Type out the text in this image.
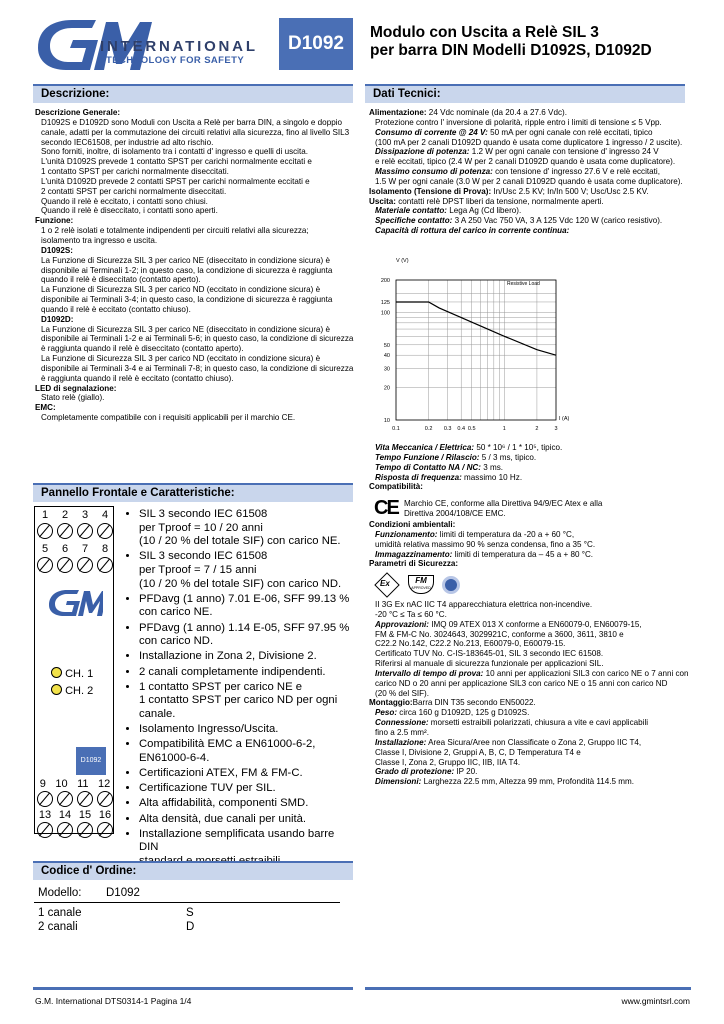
INTERNATIONAL
TECHNOLOGY FOR SAFETY
D1092
Modulo con Uscita a Relè SIL 3
per barra DIN Modelli D1092S, D1092D
Descrizione:
Descrizione Generale:
D1092S e D1092D sono Moduli con Uscita a Relè per barra DIN, a singolo e doppio
canale, adatti per la commutazione dei circuiti relativi alla sicurezza, fino al livello SIL3
secondo IEC61508, per industrie ad alto rischio.
Sono forniti, inoltre, di isolamento tra i contatti d' ingresso e quelli di uscita.
L'unità D1092S prevede 1 contatto SPST per carichi normalmente eccitati e
1 contatto SPST per carichi normalmente diseccitati.
L'unità D1092D prevede 2 contatti SPST per carichi normalmente eccitati e
2 contatti SPST per carichi normalmente diseccitati.
Quando il relè è eccitato, i contatti sono chiusi.
Quando il relè è diseccitato, i contatti sono aperti.
Funzione:
1 o 2 relè isolati e totalmente indipendenti per circuiti relativi alla sicurezza;
isolamento tra ingresso e uscita.
D1092S:
La Funzione di Sicurezza SIL 3 per carico NE (diseccitato in condizione sicura) è
disponibile ai Terminali 1-2; in questo caso, la condizione di sicurezza è raggiunta
quando il relè è diseccitato (contatto aperto).
La Funzione di Sicurezza SIL 3 per carico ND (eccitato in condizione sicura) è
disponibile ai Terminali 3-4; in questo caso, la condizione di sicurezza è raggiunta
quando il relè è eccitato (contatto chiuso).
D1092D:
La Funzione di Sicurezza SIL 3 per carico NE (diseccitato in condizione sicura) è
disponibile ai Terminali 1-2 e ai Terminali 5-6; in questo caso, la condizione di sicurezza
è raggiunta quando il relè è diseccitato (contatto aperto).
La Funzione di Sicurezza SIL 3 per carico ND (eccitato in condizione sicura) è
disponibile ai Terminali 3-4 e ai Terminali 7-8; in questo caso, la condizione di sicurezza
è raggiunta quando il relè è eccitato (contatto chiuso).
LED di segnalazione:
Stato relè (giallo).
EMC:
Completamente compatibile con i requisiti applicabili per il marchio CE.
Dati Tecnici:
Alimentazione: 24 Vdc nominale (da 20.4 a 27.6 Vdc).
Protezione contro l' inversione di polarità, ripple entro i limiti di tensione ≤ 5 Vpp.
Consumo di corrente @ 24 V: 50 mA per ogni canale con relè eccitati, tipico
(100 mA per 2 canali D1092D quando è usata come duplicatore 1 ingresso / 2 uscite).
Dissipazione di potenza: 1.2 W per ogni canale con tensione d' ingresso 24 V
e relè eccitati, tipico (2.4 W per 2 canali D1092D quando è usata come duplicatore).
Massimo consumo di potenza: con tensione d' ingresso 27.6 V e relè eccitati,
1.5 W per ogni canale (3.0 W per 2 canali D1092D quando è usata come duplicatore).
Isolamento (Tensione di Prova): In/Usc 2.5 KV; In/In 500 V; Usc/Usc 2.5 KV.
Uscita: contatti relè DPST liberi da tensione, normalmente aperti.
Materiale contatto: Lega Ag (Cd libero).
Specifiche contatto: 3 A 250 Vac 750 VA, 3 A 125 Vdc 120 W (carico resistivo).
Capacità di rottura del carico in corrente continua:
0.1	0.2 0.3 0.4 0.5	1	2	3
10
20
30
40
50
100
125
200
V (V)
I (A)
Resistive Load
Vita Meccanica / Elettrica: 50 * 10⁶ / 1 * 10⁵, tipico.
Tempo Funzione / Rilascio: 5 / 3 ms, tipico.
Tempo di Contatto NA / NC: 3 ms.
Risposta di frequenza: massimo 10 Hz.
Compatibilità:
CE Marchio CE, conforme alla Direttiva 94/9/EC Atex e alla
Direttiva 2004/108/CE EMC.
Condizioni ambientali:
Funzionamento: limiti di temperatura da -20 a + 60 °C,
umidità relativa massimo 90 % senza condensa, fino a 35 °C.
Immagazzinamento: limiti di temperatura da – 45 a + 80 °C.
Parametri di Sicurezza:
Ex	FM
APPROVED
II 3G Ex nAC IIC T4 apparecchiatura elettrica non-incendive.
-20 °C ≤ Ta ≤ 60 °C.
Approvazioni: IMQ 09 ATEX 013 X conforme a EN60079-0, EN60079-15,
FM & FM-C No. 3024643, 3029921C, conforme a 3600, 3611, 3810 e
C22.2 No.142, C22.2 No.213, E60079-0, E60079-15.
Certificato TUV No. C-IS-183645-01, SIL 3 secondo IEC 61508.
Riferirsi al manuale di sicurezza funzionale per applicazioni SIL.
Intervallo di tempo di prova: 10 anni per applicazioni SIL3 con carico NE o 7 anni con
carico ND o 20 anni per applicazione SIL3 con carico NE o 15 anni con carico ND
(20 % del SIF).
Montaggio:Barra DIN T35 secondo EN50022.
Peso: circa 160 g D1092D, 125 g D1092S.
Connessione: morsetti estraibili polarizzati, chiusura a vite e cavi applicabili
fino a 2.5 mm².
Installazione: Area Sicura/Aree non Classificate o Zona 2, Gruppo IIC T4,
Classe I, Divisione 2, Gruppi A, B, C, D Temperatura T4 e
Classe I, Zona 2, Gruppo IIC, IIB, IIA T4.
Grado di protezione: IP 20.
Dimensioni: Larghezza 22.5 mm, Altezza 99 mm, Profondità 114.5 mm.
Pannello Frontale e Caratteristiche:
1 2 3 4
5 6 7 8
CH. 1
CH. 2
D1092
9 10 11 12
13 14 15 16
• SIL 3 secondo IEC 61508
per Tproof = 10 / 20 anni
(10 / 20 % del totale SIF) con carico NE.
• SIL 3 secondo IEC 61508
per Tproof = 7 / 15 anni
(10 / 20 % del totale SIF) con carico ND.
• PFDavg (1 anno) 7.01 E-06, SFF 99.13 %
con carico NE.
• PFDavg (1 anno) 1.14 E-05, SFF 97.95 %
con carico ND.
• Installazione in Zona 2, Divisione 2.
• 2 canali completamente indipendenti.
• 1 contatto SPST per carico NE e
1 contatto SPST per carico ND per ogni canale.
• Isolamento Ingresso/Uscita.
• Compatibilità EMC a EN61000-6-2, EN61000-6-4.
• Certificazioni ATEX, FM & FM-C.
• Certificazione TUV per SIL.
• Alta affidabilità, componenti SMD.
• Alta densità, due canali per unità.
• Installazione semplificata usando barre DIN
Codice d' Ordine:
Modello: D1092
1 canale	S
2 canali	D
G.M. International DTS0314-1 Pagina 1/4	www.gmintsrl.com
